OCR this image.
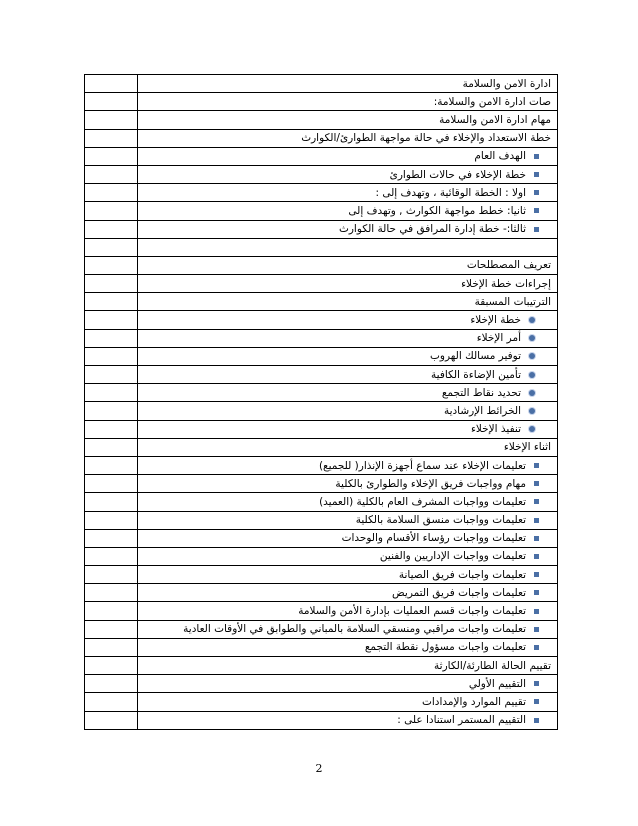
	ادارة الامن والسلامة
	صات ادارة الامن والسلامة:
	مهام ادارة الامن والسلامة
	خطة الاستعداد والإخلاء في حالة مواجهة الطوارئ/الكوارث
	الهدف العام
	خطة الإخلاء في حالات الطوارئ
	اولا : الخطة الوقائية ، وتهدف إلى :
	ثانيا: خطط مواجهة الكوارث , وتهدف إلى
	ثالثا:- خطة إدارة المرافق في حالة الكوارث

	تعريف المصطلحات
	إجراءات خطة الإخلاء
	الترتيبات المسبقة
	خطة الإخلاء
	أمر الإخلاء
	توفير مسالك الهروب
	تأمين الإضاءة الكافية
	تحديد نقاط التجمع
	الخرائط الإرشادية
	تنفيذ الإخلاء
	اثناء الإخلاء
	تعليمات الإخلاء عند سماع أجهزة الإنذار( للجميع)
	مهام وواجبات فريق الإخلاء والطوارئ بالكلية
	تعليمات وواجبات المشرف العام بالكلية (العميد)
	تعليمات وواجبات منسق السلامة بالكلية
	تعليمات وواجبات رؤساء الأقسام والوحدات
	تعليمات وواجبات الإداريين والفنين
	تعليمات واجبات فريق الصيانة
	تعليمات واجبات فريق التمريض
	تعليمات واجبات قسم العمليات بإدارة الأمن والسلامة
	تعليمات واجبات مراقبي ومنسقي السلامة بالمباني والطوابق في الأوقات العادية
	تعليمات واجبات مسؤول نقطة التجمع
	تقييم الحالة الطارئة/الكارثة
	التقييم الأولي
	تقييم الموارد والإمدادات
	التقييم المستمر استنادا على :
2
